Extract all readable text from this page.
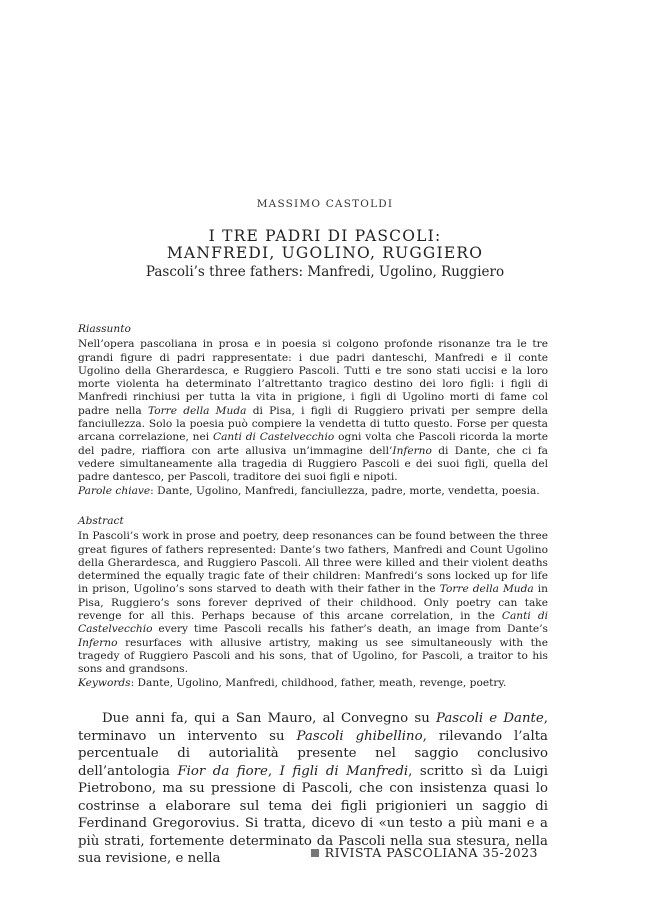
MASSIMO CASTOLDI
I TRE PADRI DI PASCOLI:
MANFREDI, UGOLINO, RUGGIERO
Pascoli’s three fathers: Manfredi, Ugolino, Ruggiero
Riassunto

Nell’opera pascoliana in prosa e in poesia si colgono profonde risonanze tra le tre grandi figure di padri rappresentate: i due padri danteschi, Manfredi e il conte Ugolino della Gherardesca, e Ruggiero Pascoli. Tutti e tre sono stati uccisi e la loro morte violenta ha determinato l’altrettanto tragico destino dei loro figli: i figli di Manfredi rinchiusi per tutta la vita in prigione, i figli di Ugolino morti di fame col padre nella Torre della Muda di Pisa, i figli di Ruggiero privati per sempre della fanciullezza. Solo la poesia può compiere la vendetta di tutto questo. Forse per questa arcana correlazione, nei Canti di Castelvecchio ogni volta che Pascoli ricorda la morte del padre, riaffiora con arte allusiva un’immagine dell’Inferno di Dante, che ci fa vedere simultaneamente alla tragedia di Ruggiero Pascoli e dei suoi figli, quella del padre dantesco, per Pascoli, traditore dei suoi figli e nipoti.

Parole chiave: Dante, Ugolino, Manfredi, fanciullezza, padre, morte, vendetta, poesia.

Abstract

In Pascoli’s work in prose and poetry, deep resonances can be found between the three great figures of fathers represented: Dante’s two fathers, Manfredi and Count Ugolino della Gherardesca, and Ruggiero Pascoli. All three were killed and their violent deaths determined the equally tragic fate of their children: Manfredi’s sons locked up for life in prison, Ugolino’s sons starved to death with their father in the Torre della Muda in Pisa, Ruggiero’s sons forever deprived of their childhood. Only poetry can take revenge for all this. Perhaps because of this arcane correlation, in the Canti di Castelvecchio every time Pascoli recalls his father’s death, an image from Dante’s Inferno resurfaces with allusive artistry, making us see simultaneously with the tragedy of Ruggiero Pascoli and his sons, that of Ugolino, for Pascoli, a traitor to his sons and grandsons.

Keywords: Dante, Ugolino, Manfredi, childhood, father, meath, revenge, poetry.

Due anni fa, qui a San Mauro, al Convegno su Pascoli e Dante, terminavo un intervento su Pascoli ghibellino, rilevando l’alta percentuale di autorialità presente nel saggio conclusivo dell’antologia Fior da fiore, I figli di Manfredi, scritto sì da Luigi Pietrobono, ma su pressione di Pascoli, che con insistenza quasi lo costrinse a elaborare sul tema dei figli prigionieri un saggio di Ferdinand Gregorovius. Si tratta, dicevo di «un testo a più mani e a più strati, fortemente determinato da Pascoli nella sua stesura, nella sua revisione, e nella	RIVISTA PASCOLIANA 35-2023
